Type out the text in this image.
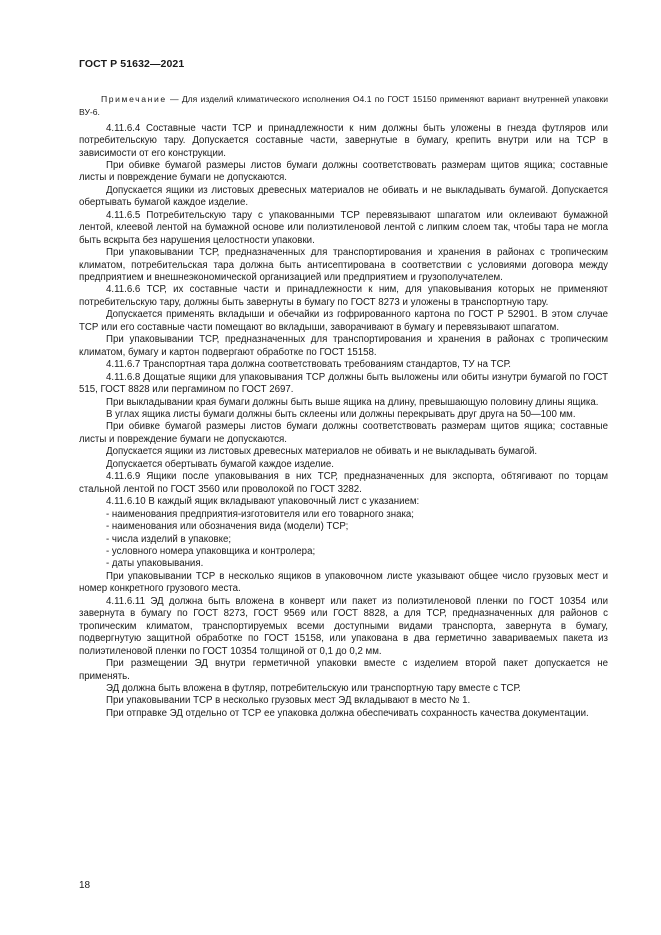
ГОСТ Р 51632—2021

Примечание — Для изделий климатического исполнения О4.1 по ГОСТ 15150 применяют вариант внутренней упаковки ВУ-6.

4.11.6.4 Составные части ТСР и принадлежности к ним должны быть уложены в гнезда футляров или потребительскую тару. Допускается составные части, завернутые в бумагу, крепить внутри или на ТСР в зависимости от его конструкции.

При обивке бумагой размеры листов бумаги должны соответствовать размерам щитов ящика; составные листы и повреждение бумаги не допускаются.

Допускается ящики из листовых древесных материалов не обивать и не выкладывать бумагой. Допускается обертывать бумагой каждое изделие.

4.11.6.5 Потребительскую тару с упакованными ТСР перевязывают шпагатом или оклеивают бумажной лентой, клеевой лентой на бумажной основе или полиэтиленовой лентой с липким слоем так, чтобы тара не могла быть вскрыта без нарушения целостности упаковки.

При упаковывании ТСР, предназначенных для транспортирования и хранения в районах с тропическим климатом, потребительская тара должна быть антисептирована в соответствии с условиями договора между предприятием и внешнеэкономической организацией или предприятием и грузополучателем.

4.11.6.6 ТСР, их составные части и принадлежности к ним, для упаковывания которых не применяют потребительскую тару, должны быть завернуты в бумагу по ГОСТ 8273 и уложены в транспортную тару.

Допускается применять вкладыши и обечайки из гофрированного картона по ГОСТ Р 52901. В этом случае ТСР или его составные части помещают во вкладыши, заворачивают в бумагу и перевязывают шпагатом.

При упаковывании ТСР, предназначенных для транспортирования и хранения в районах с тропическим климатом, бумагу и картон подвергают обработке по ГОСТ 15158.

4.11.6.7 Транспортная тара должна соответствовать требованиям стандартов, ТУ на ТСР.

4.11.6.8 Дощатые ящики для упаковывания ТСР должны быть выложены или обиты изнутри бумагой по ГОСТ 515, ГОСТ 8828 или пергамином по ГОСТ 2697.

При выкладывании края бумаги должны быть выше ящика на длину, превышающую половину длины ящика.

В углах ящика листы бумаги должны быть склеены или должны перекрывать друг друга на 50—100 мм.

При обивке бумагой размеры листов бумаги должны соответствовать размерам щитов ящика; составные листы и повреждение бумаги не допускаются.

Допускается ящики из листовых древесных материалов не обивать и не выкладывать бумагой.

Допускается обертывать бумагой каждое изделие.

4.11.6.9 Ящики после упаковывания в них ТСР, предназначенных для экспорта, обтягивают по торцам стальной лентой по ГОСТ 3560 или проволокой по ГОСТ 3282.

4.11.6.10 В каждый ящик вкладывают упаковочный лист с указанием:

- наименования предприятия-изготовителя или его товарного знака;

- наименования или обозначения вида (модели) ТСР;

- числа изделий в упаковке;

- условного номера упаковщика и контролера;

- даты упаковывания.

При упаковывании ТСР в несколько ящиков в упаковочном листе указывают общее число грузовых мест и номер конкретного грузового места.

4.11.6.11 ЭД должна быть вложена в конверт или пакет из полиэтиленовой пленки по ГОСТ 10354 или завернута в бумагу по ГОСТ 8273, ГОСТ 9569 или ГОСТ 8828, а для ТСР, предназначенных для районов с тропическим климатом, транспортируемых всеми доступными видами транспорта, завернута в бумагу, подвергнутую защитной обработке по ГОСТ 15158, или упакована в два герметично завариваемых пакета из полиэтиленовой пленки по ГОСТ 10354 толщиной от 0,1 до 0,2 мм.

При размещении ЭД внутри герметичной упаковки вместе с изделием второй пакет допускается не применять.

ЭД должна быть вложена в футляр, потребительскую или транспортную тару вместе с ТСР.

При упаковывании ТСР в несколько грузовых мест ЭД вкладывают в место № 1.

При отправке ЭД отдельно от ТСР ее упаковка должна обеспечивать сохранность качества документации.

18
